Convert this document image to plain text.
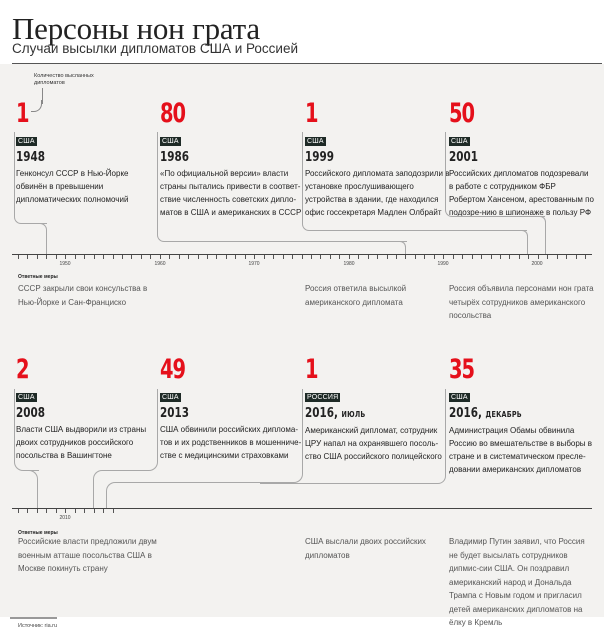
Персоны нон грата
Случаи высылки дипломатов США и Россией
Количество высланных дипломатов
1
США
1948
Генконсул СССР в Нью-Йорке обвинён в превышении дипломатических полномочий
80
США
1986
«По официальной версии» власти страны пытались привести в соответ-ствие численность советских дипло-матов в США и американских в СССР
1
США
1999
Российского дипломата заподозрили в установке прослушивающего устройства в здании, где находился офис госсекретаря Мадлен Олбрайт
50
США
2001
Российских дипломатов подозревали в работе с сотрудником ФБР Робертом Хансеном, арестованным по подозре-нию в шпионаже в пользу РФ
1950	1960	1970	1980	1990	2000
Ответные меры
СССР закрыли свои консульства в Нью-Йорке и Сан-Франциско
Россия ответила высылкой американского дипломата
Россия объявила персонами нон грата четырёх сотрудников американского посольства
2
США
2008
Власти США выдворили из страны двоих сотрудников российского посольства в Вашингтоне
49
США
2013
США обвинили российских диплома-тов и их родственников в мошенниче-стве с медицинскими страховками
1
РОССИЯ
2016, ИЮЛЬ
Американский дипломат, сотрудник ЦРУ напал на охранявшего посоль-ство США российского полицейского
35
США
2016, ДЕКАБРЬ
Администрация Обамы обвинила Россию во вмешательстве в выборы в стране и в систематическом пресле-довании американских дипломатов
2010
Ответные меры
Российские власти предложили двум военным атташе посольства США в Москве покинуть страну
США выслали двоих российских дипломатов
Владимир Путин заявил, что Россия не будет высылать сотрудников дипмис-сии США. Он поздравил американский народ и Дональда Трампа с Новым годом и пригласил детей американских дипломатов на ёлку в Кремль
Источник: ria.ru
